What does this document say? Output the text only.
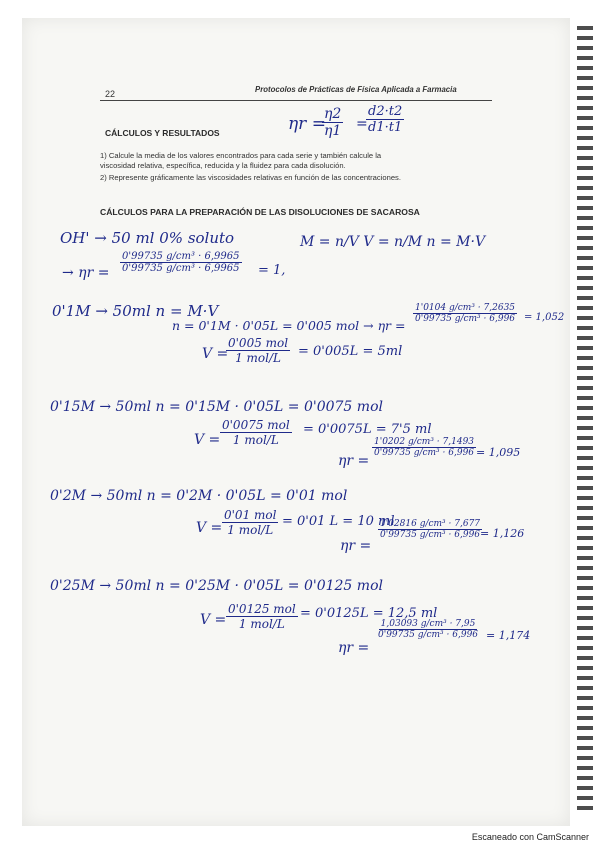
22	Protocolos de Prácticas de Física Aplicada a Farmacia
CÁLCULOS Y RESULTADOS	ηr =
$\frac{\eta 2}{\eta 1}$ =
$\frac{d2\cdot t2}{d1\cdot t1}$
1) Calcule la media de los valores encontrados para cada serie y también calcule la
viscosidad relativa, específica, reducida y la fluidez para cada disolución.
2) Represente gráficamente las viscosidades relativas en función de las concentraciones.
CÁLCULOS PARA LA PREPARACIÓN DE LAS DISOLUCIONES DE SACAROSA
OH' → 50 ml 0% soluto	M = n/V V = n/M n = M·V
→ $\eta r = \frac{\text{0'99735 g/cm³ · 6,9965}}{\text{0'99735 g/cm³ · 6,9965}} = 1$,
0'1M → 50ml n = M·V
n = 0'1M · 0'05L = 0'005 mol → ηr =
$\frac{\text{1'0104 g/cm³ · 7,2635}}{\text{0'99735 g/cm³ · 6,996}} = 1,052$
V =
0'005 mol
1 mol/L = 0'005L = 5ml
0'15M → 50ml n = 0'15M · 0'05L = 0'0075 mol
V =
0'0075 mol
1 mol/L
= 0'0075L = 7'5 ml
ηr =
$\frac{\text{1'0202 g/cm³ · 7,1493}}{\text{0'99735 g/cm³ · 6,996}} = 1,095$
0'2M → 50ml n = 0'2M · 0'05L = 0'01 mol
V =
0'01 mol
1 mol/L
= 0'01 L = 10 ml
ηr =
$\frac{\text{1'02816 g/cm³ · 7,677}}{\text{0'99735 g/cm³ · 6,996}}$
= 1,126
0'25M → 50ml n = 0'25M · 0'05L = 0'0125 mol
V =
0'0125 mol
1 mol/L
= 0'0125L = 12,5 ml
ηr =
$\frac{\text{1,03093 g/cm³ · 7,95}}{\text{0'99735 g/cm³ · 6,996}} = 1,174$
Escaneado con CamScanner
